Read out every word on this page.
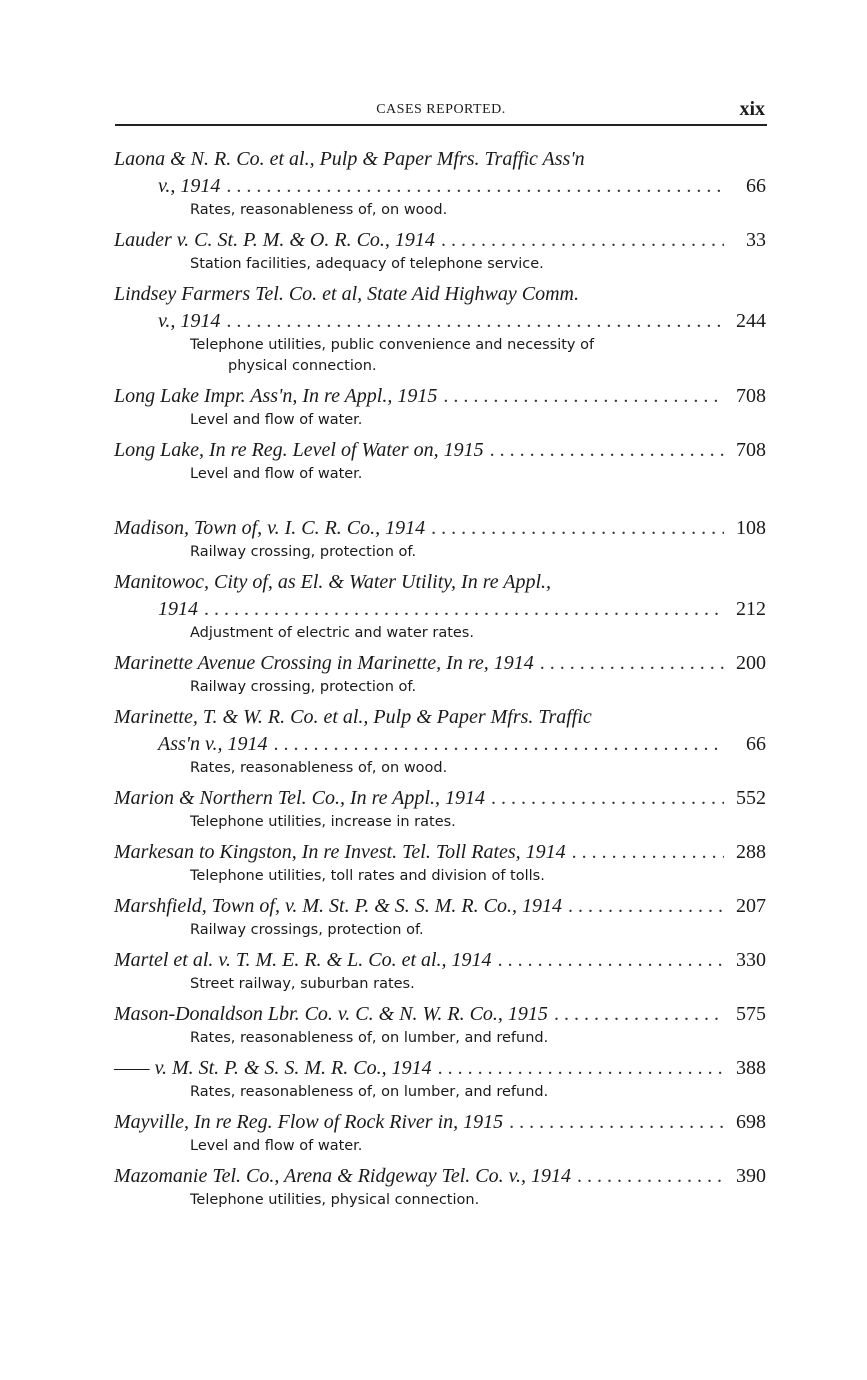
CASES REPORTED.	xix
Laona & N. R. Co. et al., Pulp & Paper Mfrs. Traffic Ass'n
v., 1914 . . .	66
Rates, reasonableness of, on wood.
Lauder v. C. St. P. M. & O. R. Co., 1914 . . .	33
Station facilities, adequacy of telephone service.
Lindsey Farmers Tel. Co. et al, State Aid Highway Comm.
v., 1914 . . .	244
Telephone utilities, public convenience and necessity of
physical connection.
Long Lake Impr. Ass'n, In re Appl., 1915 . . .	708
Level and flow of water.
Long Lake, In re Reg. Level of Water on, 1915 . . .	708
Level and flow of water.
Madison, Town of, v. I. C. R. Co., 1914 . . .	108
Railway crossing, protection of.
Manitowoc, City of, as El. & Water Utility, In re Appl.,
1914 . . .	212
Adjustment of electric and water rates.
Marinette Avenue Crossing in Marinette, In re, 1914 . . .	200
Railway crossing, protection of.
Marinette, T. & W. R. Co. et al., Pulp & Paper Mfrs. Traffic
Ass'n v., 1914 . . .	66
Rates, reasonableness of, on wood.
Marion & Northern Tel. Co., In re Appl., 1914 . . .	552
Telephone utilities, increase in rates.
Markesan to Kingston, In re Invest. Tel. Toll Rates, 1914 . . .	288
Telephone utilities, toll rates and division of tolls.
Marshfield, Town of, v. M. St. P. & S. S. M. R. Co., 1914 . . .	207
Railway crossings, protection of.
Martel et al. v. T. M. E. R. & L. Co. et al., 1914 . . .	330
Street railway, suburban rates.
Mason-Donaldson Lbr. Co. v. C. & N. W. R. Co., 1915 . . .	575
Rates, reasonableness of, on lumber, and refund.
—— v. M. St. P. & S. S. M. R. Co., 1914 . . .	388
Rates, reasonableness of, on lumber, and refund.
Mayville, In re Reg. Flow of Rock River in, 1915 . . .	698
Level and flow of water.
Mazomanie Tel. Co., Arena & Ridgeway Tel. Co. v., 1914 . . .	390
Telephone utilities, physical connection.
